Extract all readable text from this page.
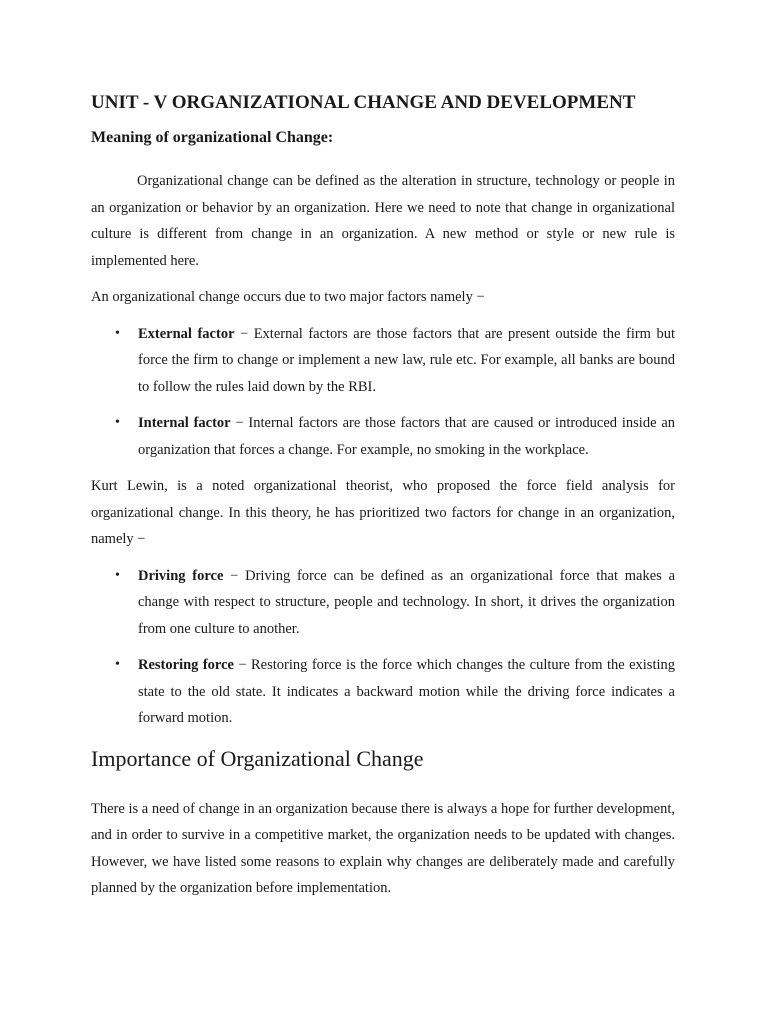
UNIT - V ORGANIZATIONAL CHANGE AND DEVELOPMENT
Meaning of organizational Change:

Organizational change can be defined as the alteration in structure, technology or people in an organization or behavior by an organization. Here we need to note that change in organizational culture is different from change in an organization. A new method or style or new rule is implemented here.

An organizational change occurs due to two major factors namely −

• External factor − External factors are those factors that are present outside the firm but force the firm to change or implement a new law, rule etc. For example, all banks are bound to follow the rules laid down by the RBI.
• Internal factor − Internal factors are those factors that are caused or introduced inside an organization that forces a change. For example, no smoking in the workplace.

Kurt Lewin, is a noted organizational theorist, who proposed the force field analysis for organizational change. In this theory, he has prioritized two factors for change in an organization, namely −

• Driving force − Driving force can be defined as an organizational force that makes a change with respect to structure, people and technology. In short, it drives the organization from one culture to another.
• Restoring force − Restoring force is the force which changes the culture from the existing state to the old state. It indicates a backward motion while the driving force indicates a forward motion.
Importance of Organizational Change

There is a need of change in an organization because there is always a hope for further development, and in order to survive in a competitive market, the organization needs to be updated with changes. However, we have listed some reasons to explain why changes are deliberately made and carefully planned by the organization before implementation.
